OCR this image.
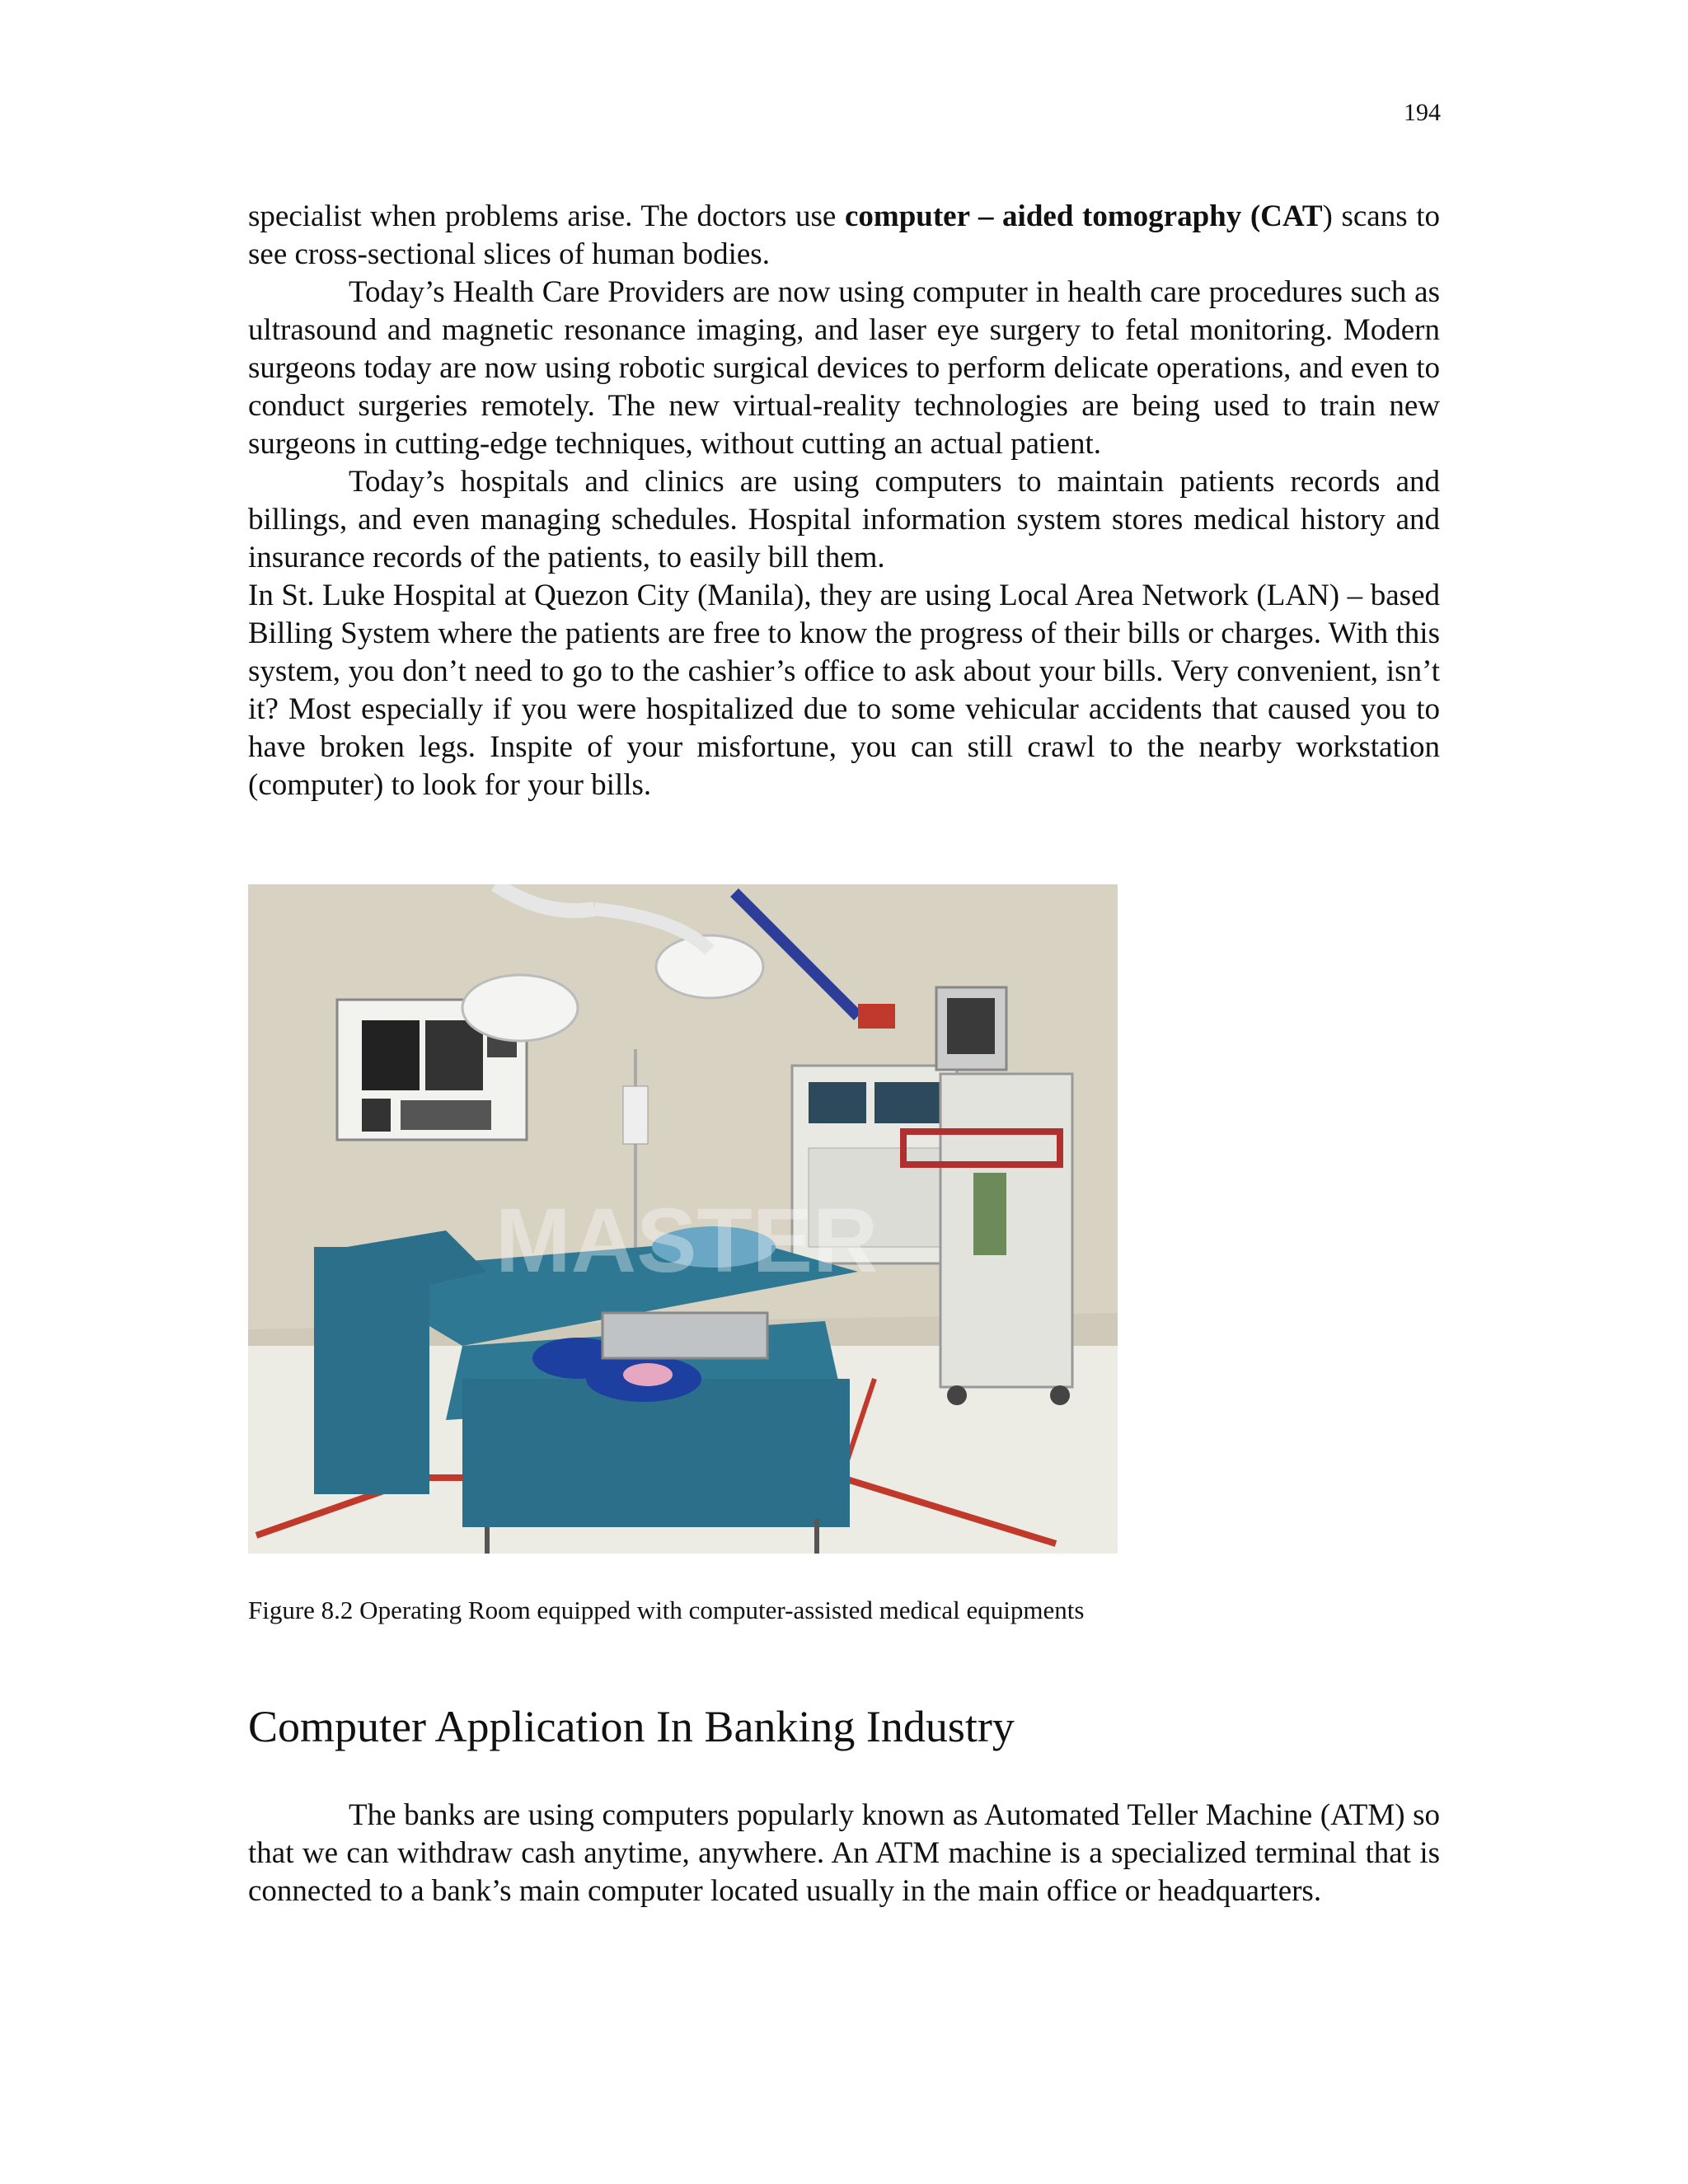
194

specialist when problems arise. The doctors use computer – aided tomography (CAT) scans to see cross-sectional slices of human bodies.

Today’s Health Care Providers are now using computer in health care procedures such as ultrasound and magnetic resonance imaging, and laser eye surgery to fetal monitoring. Modern surgeons today are now using robotic surgical devices to perform delicate operations, and even to conduct surgeries remotely. The new virtual-reality technologies are being used to train new surgeons in cutting-edge techniques, without cutting an actual patient.

Today’s hospitals and clinics are using computers to maintain patients records and billings, and even managing schedules. Hospital information system stores medical history and insurance records of the patients, to easily bill them.

In St. Luke Hospital at Quezon City (Manila), they are using Local Area Network (LAN) – based Billing System where the patients are free to know the progress of their bills or charges. With this system, you don’t need to go to the cashier’s office to ask about your bills. Very convenient, isn’t it? Most especially if you were hospitalized due to some vehicular accidents that caused you to have broken legs. Inspite of your misfortune, you can still crawl to the nearby workstation (computer) to look for your bills.

MASTER
Figure 8.2 Operating Room equipped with computer-assisted medical equipments
Computer Application In Banking Industry

The banks are using computers popularly known as Automated Teller Machine (ATM) so that we can withdraw cash anytime, anywhere. An ATM machine is a specialized terminal that is connected to a bank’s main computer located usually in the main office or headquarters.
